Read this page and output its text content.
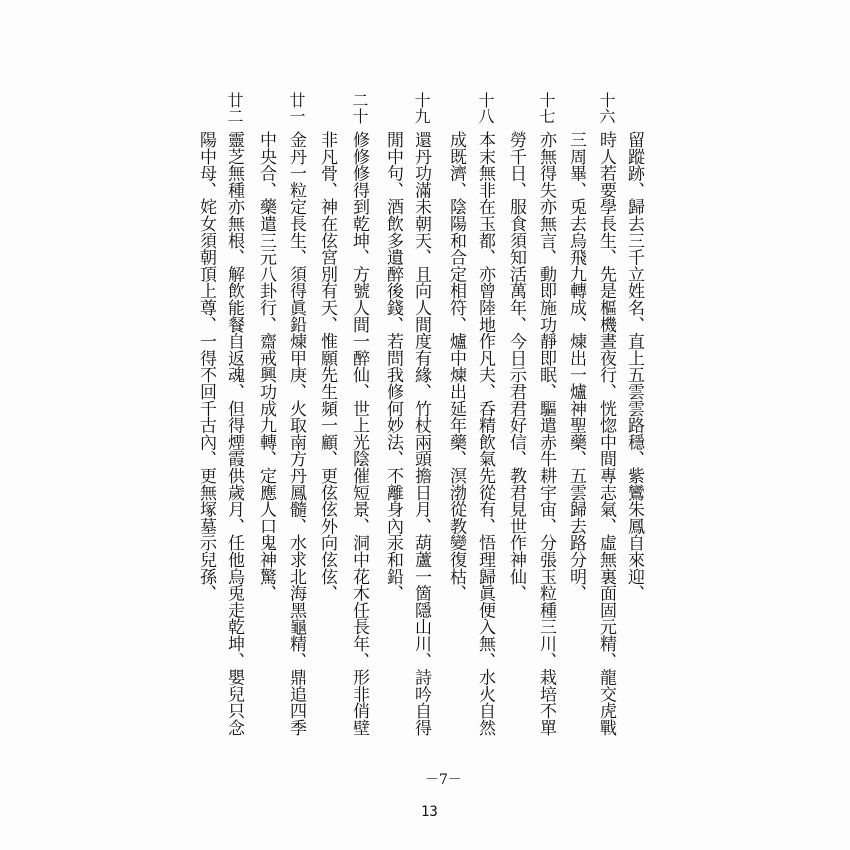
留蹤跡、歸去三千立姓名、直上五雲雲路穩、紫鸞朱鳳自來迎、
十六
時人若要學長生、先是樞機晝夜行、恍惚中間專志氣、虛無裏面固元精、龍交虎戰
三周畢、兎去烏飛九轉成、煉出一爐神聖藥、五雲歸去路分明、
十七
亦無得失亦無言、動即施功靜即眠、驅遣赤牛耕宇宙、分張玉粒種三川、栽培不單
勞千日、服食須知活萬年、今日示君君好信、教君見世作神仙、
十八
本末無非在玉都、亦曾陸地作凡夫、呑精飲氣先從有、悟理歸眞便入無、水火自然
成既濟、陰陽和合定相符、爐中煉出延年藥、溟渤從教變復枯、
十九
還丹功滿未朝天、且向人間度有緣、竹杖兩頭擔日月、葫蘆一箇隱山川、詩吟自得
閒中句、酒飲多遺醉後錢、若問我修何妙法、不離身內汞和鉛、
二十
修修修得到乾坤、方號人間一醉仙、世上光陰催短景、洞中花木任長年、形非俏壁
非凡骨、神在伭宮別有天、惟願先生頻一顧、更伭伭外向伭伭、
廿一
金丹一粒定長生、須得眞鉛煉甲庚、火取南方丹鳳髓、水求北海黑龜精、鼎追四季
中央合、藥遣三元八卦行、齋戒興功成九轉、定應人口鬼神驚、
廿二
靈芝無種亦無根、解飲能餐自返魂、但得煙霞供歲月、任他烏兎走乾坤、嬰兒只念
陽中母、姹女須朝頂上尊、一得不回千古內、更無塚墓示兒孫、
－7－
13
